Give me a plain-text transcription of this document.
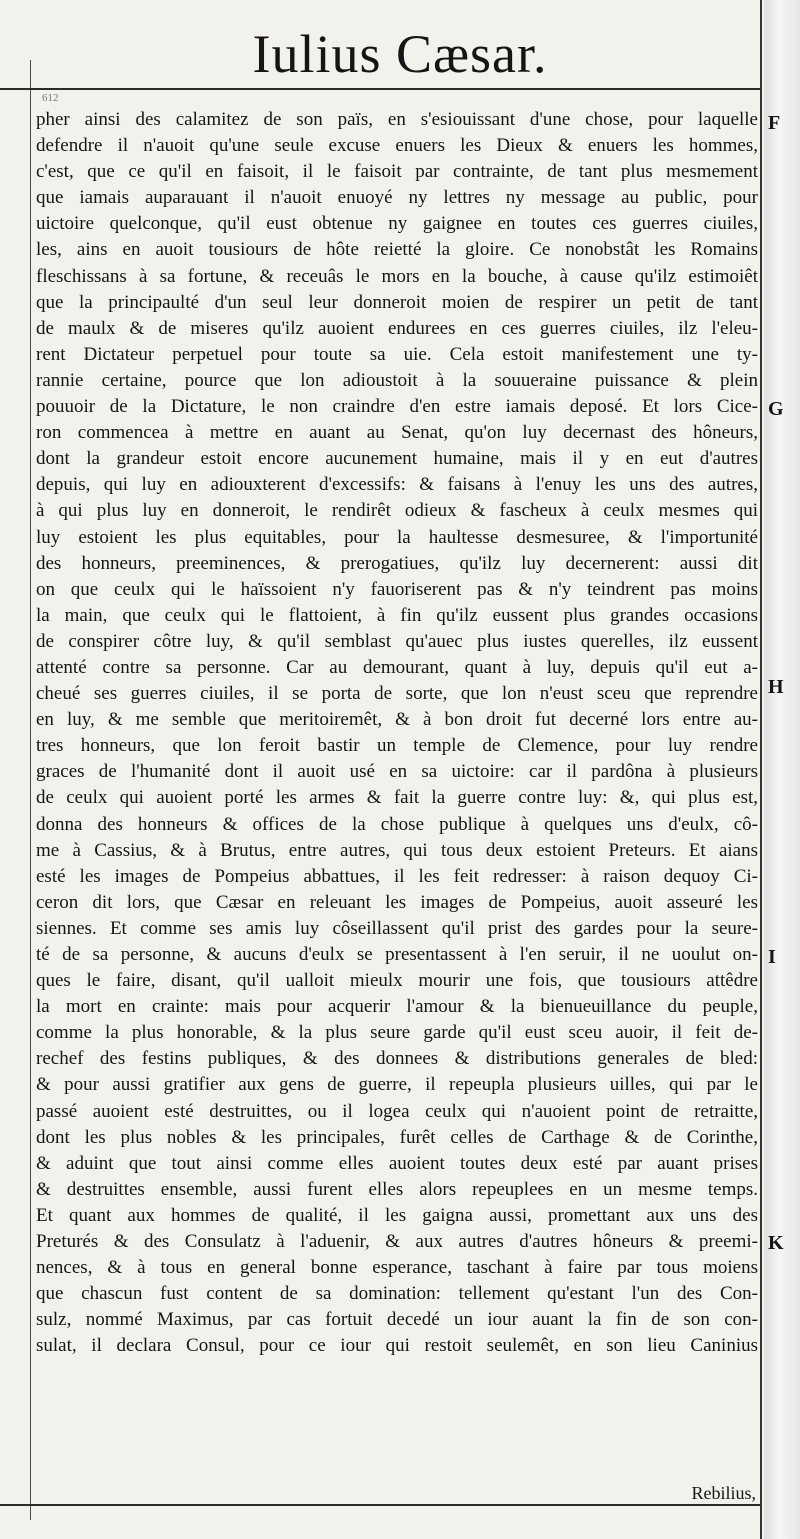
Iulius Cæsar.
612
pher ainsi des calamitez de son païs, en s'esiouissant d'une chose, pour laquelle
defendre il n'auoit qu'une seule excuse enuers les Dieux & enuers les hommes,
c'est, que ce qu'il en faisoit, il le faisoit par contrainte, de tant plus mesmement
que iamais auparauant il n'auoit enuoyé ny lettres ny message au public, pour
uictoire quelconque, qu'il eust obtenue ny gaignee en toutes ces guerres ciuiles,
les, ains en auoit tousiours de hôte reietté la gloire. Ce nonobstât les Romains
fleschissans à sa fortune, & receuâs le mors en la bouche, à cause qu'ilz estimoiêt
que la principaulté d'un seul leur donneroit moien de respirer un petit de tant
de maulx & de miseres qu'ilz auoient endurees en ces guerres ciuiles, ilz l'eleu-
rent Dictateur perpetuel pour toute sa uie. Cela estoit manifestement une ty-
rannie certaine, pource que lon adioustoit à la souueraine puissance & plein
pouuoir de la Dictature, le non craindre d'en estre iamais deposé. Et lors Cice-
ron commencea à mettre en auant au Senat, qu'on luy decernast des hôneurs,
dont la grandeur estoit encore aucunement humaine, mais il y en eut d'autres
depuis, qui luy en adiouxterent d'excessifs: & faisans à l'enuy les uns des autres,
à qui plus luy en donneroit, le rendirêt odieux & fascheux à ceulx mesmes qui
luy estoient les plus equitables, pour la haultesse desmesuree, & l'importunité
des honneurs, preeminences, & prerogatiues, qu'ilz luy decernerent: aussi dit
on que ceulx qui le haïssoient n'y fauoriserent pas & n'y teindrent pas moins
la main, que ceulx qui le flattoient, à fin qu'ilz eussent plus grandes occasions
de conspirer côtre luy, & qu'il semblast qu'auec plus iustes querelles, ilz eussent
attenté contre sa personne. Car au demourant, quant à luy, depuis qu'il eut a-
cheué ses guerres ciuiles, il se porta de sorte, que lon n'eust sceu que reprendre
en luy, & me semble que meritoiremêt, & à bon droit fut decerné lors entre au-
tres honneurs, que lon feroit bastir un temple de Clemence, pour luy rendre
graces de l'humanité dont il auoit usé en sa uictoire: car il pardôna à plusieurs
de ceulx qui auoient porté les armes & fait la guerre contre luy: &, qui plus est,
donna des honneurs & offices de la chose publique à quelques uns d'eulx, cô-
me à Cassius, & à Brutus, entre autres, qui tous deux estoient Preteurs. Et aians
esté les images de Pompeius abbattues, il les feit redresser: à raison dequoy Ci-
ceron dit lors, que Cæsar en releuant les images de Pompeius, auoit asseuré les
siennes. Et comme ses amis luy côseillassent qu'il prist des gardes pour la seure-
té de sa personne, & aucuns d'eulx se presentassent à l'en seruir, il ne uoulut on-
ques le faire, disant, qu'il ualloit mieulx mourir une fois, que tousiours attêdre
la mort en crainte: mais pour acquerir l'amour & la bienueuillance du peuple,
comme la plus honorable, & la plus seure garde qu'il eust sceu auoir, il feit de-
rechef des festins publiques, & des donnees & distributions generales de bled:
& pour aussi gratifier aux gens de guerre, il repeupla plusieurs uilles, qui par le
passé auoient esté destruittes, ou il logea ceulx qui n'auoient point de retraitte,
dont les plus nobles & les principales, furêt celles de Carthage & de Corinthe,
& aduint que tout ainsi comme elles auoient toutes deux esté par auant prises
& destruittes ensemble, aussi furent elles alors repeuplees en un mesme temps.
Et quant aux hommes de qualité, il les gaigna aussi, promettant aux uns des
Preturés & des Consulatz à l'aduenir, & aux autres d'autres hôneurs & preemi-
nences, & à tous en general bonne esperance, taschant à faire par tous moiens
que chascun fust content de sa domination: tellement qu'estant l'un des Con-
sulz, nommé Maximus, par cas fortuit decedé un iour auant la fin de son con-
sulat, il declara Consul, pour ce iour qui restoit seulemêt, en son lieu Caninius
F
G
H
I
K
Rebilius,
